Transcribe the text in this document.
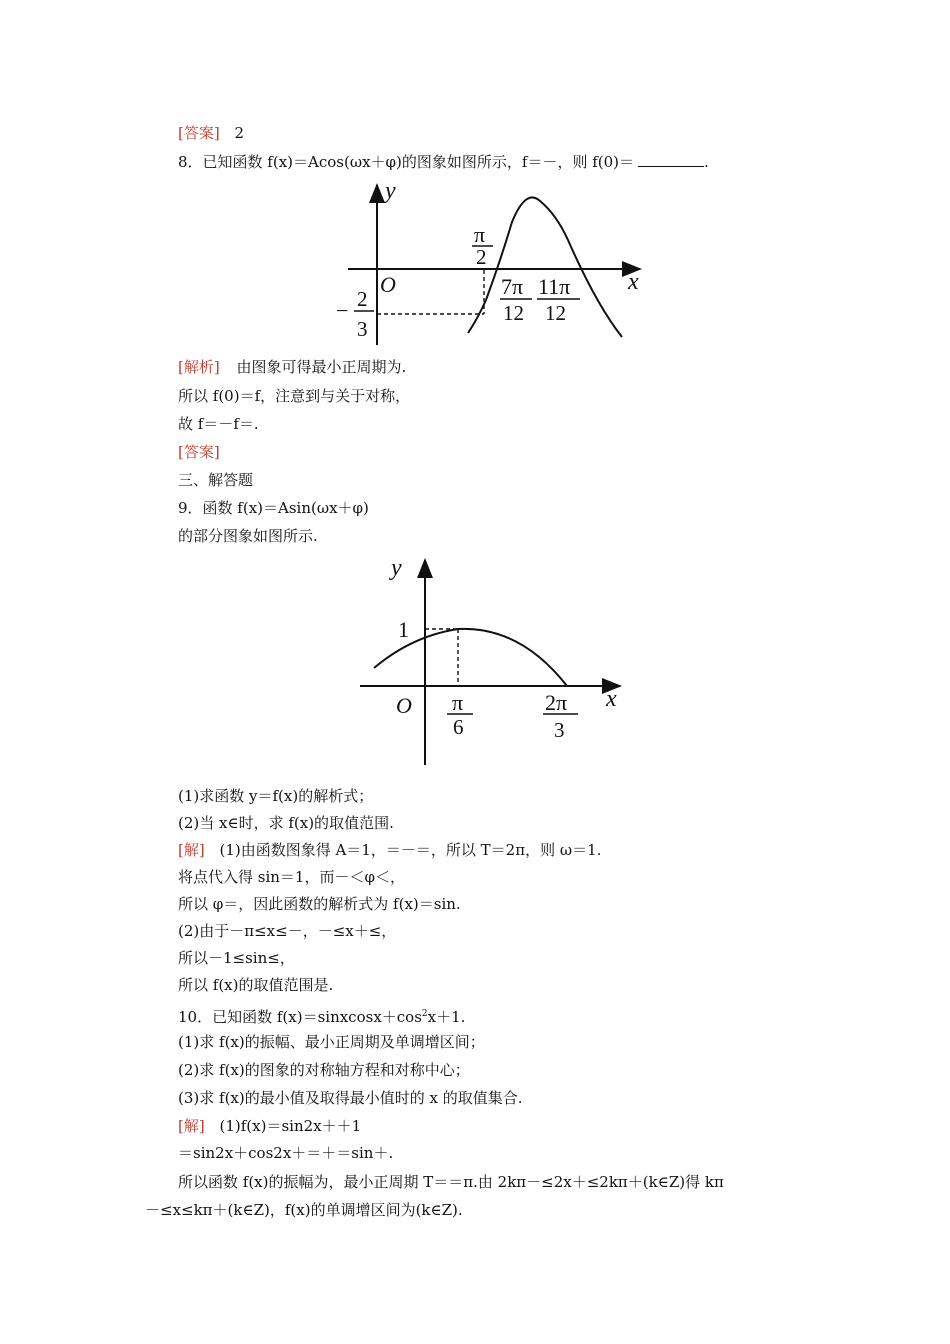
[答案] 2
8．已知函数 f(x)＝Acos(ωx＋φ)的图象如图所示，f＝－，则 f(0)＝	.
y
x
O
π
2
− 2
3
7π
12
11π
12
y
x
O
1
π
6
2π
3
[解析] 由图象可得最小正周期为.
所以 f(0)＝f，注意到与关于对称，
故 f＝－f＝.
[答案]
三、解答题
9．函数 f(x)＝Asin(ωx＋φ)
的部分图象如图所示.
(1)求函数 y＝f(x)的解析式；
(2)当 x∈时，求 f(x)的取值范围.
[解] (1)由函数图象得 A＝1，＝－＝，所以 T＝2π，则 ω＝1.
将点代入得 sin＝1，而－＜φ＜，
所以 φ＝，因此函数的解析式为 f(x)＝sin.
(2)由于－π≤x≤－，－≤x＋≤，
所以－1≤sin≤，
所以 f(x)的取值范围是.
10．已知函数 $f(x)=sinxcosx+\cos^2x+1$.
(1)求 f(x)的振幅、最小正周期及单调增区间；
(2)求 f(x)的图象的对称轴方程和对称中心；
(3)求 f(x)的最小值及取得最小值时的 x 的取值集合.
[解] (1)f(x)＝sin2x＋＋1
＝sin2x＋cos2x＋＝＋＝sin＋.
所以函数 f(x)的振幅为，最小正周期 T＝＝π.由 2kπ－≤2x＋≤2kπ＋(k∈Z)得 kπ
－≤x≤kπ＋(k∈Z)，f(x)的单调增区间为(k∈Z).
